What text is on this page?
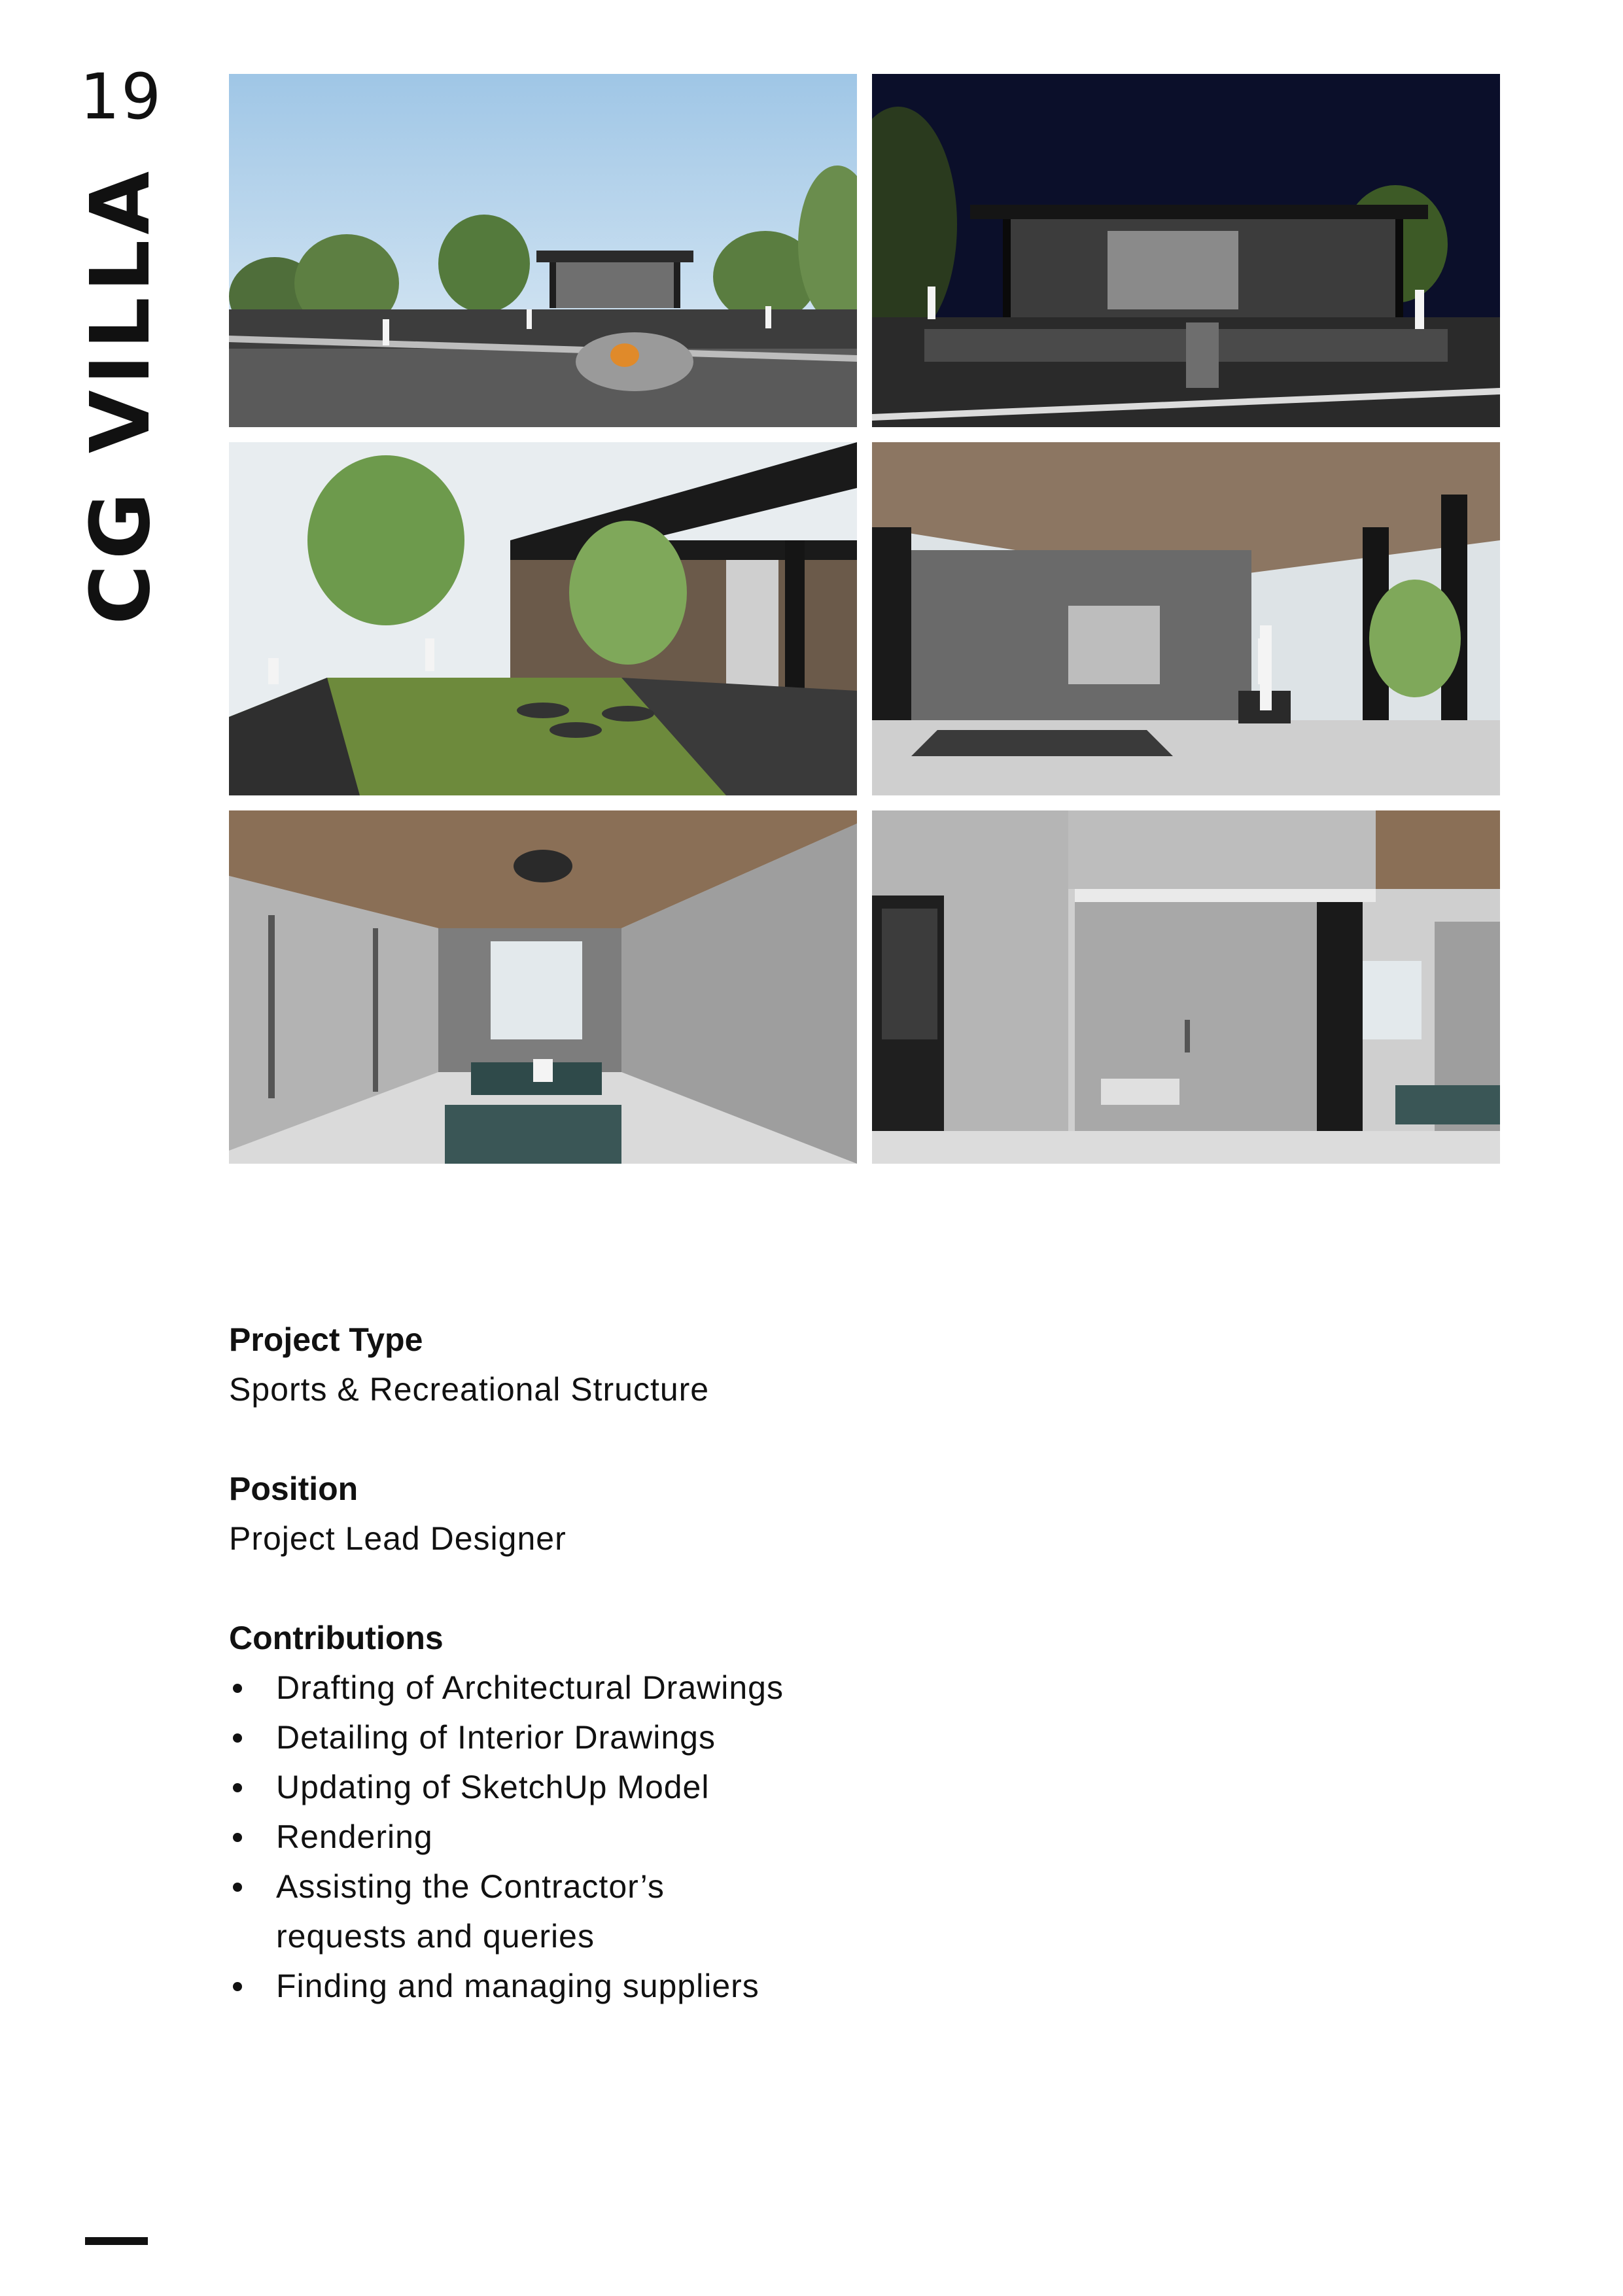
19
CG VILLA

Project Type

Sports & Recreational Structure

Position

Project Lead Designer

Contributions

Drafting of Architectural Drawings
Detailing of Interior Drawings
Updating of SketchUp Model
Rendering
Assisting the Contractor’s requests and queries
Finding and managing suppliers
